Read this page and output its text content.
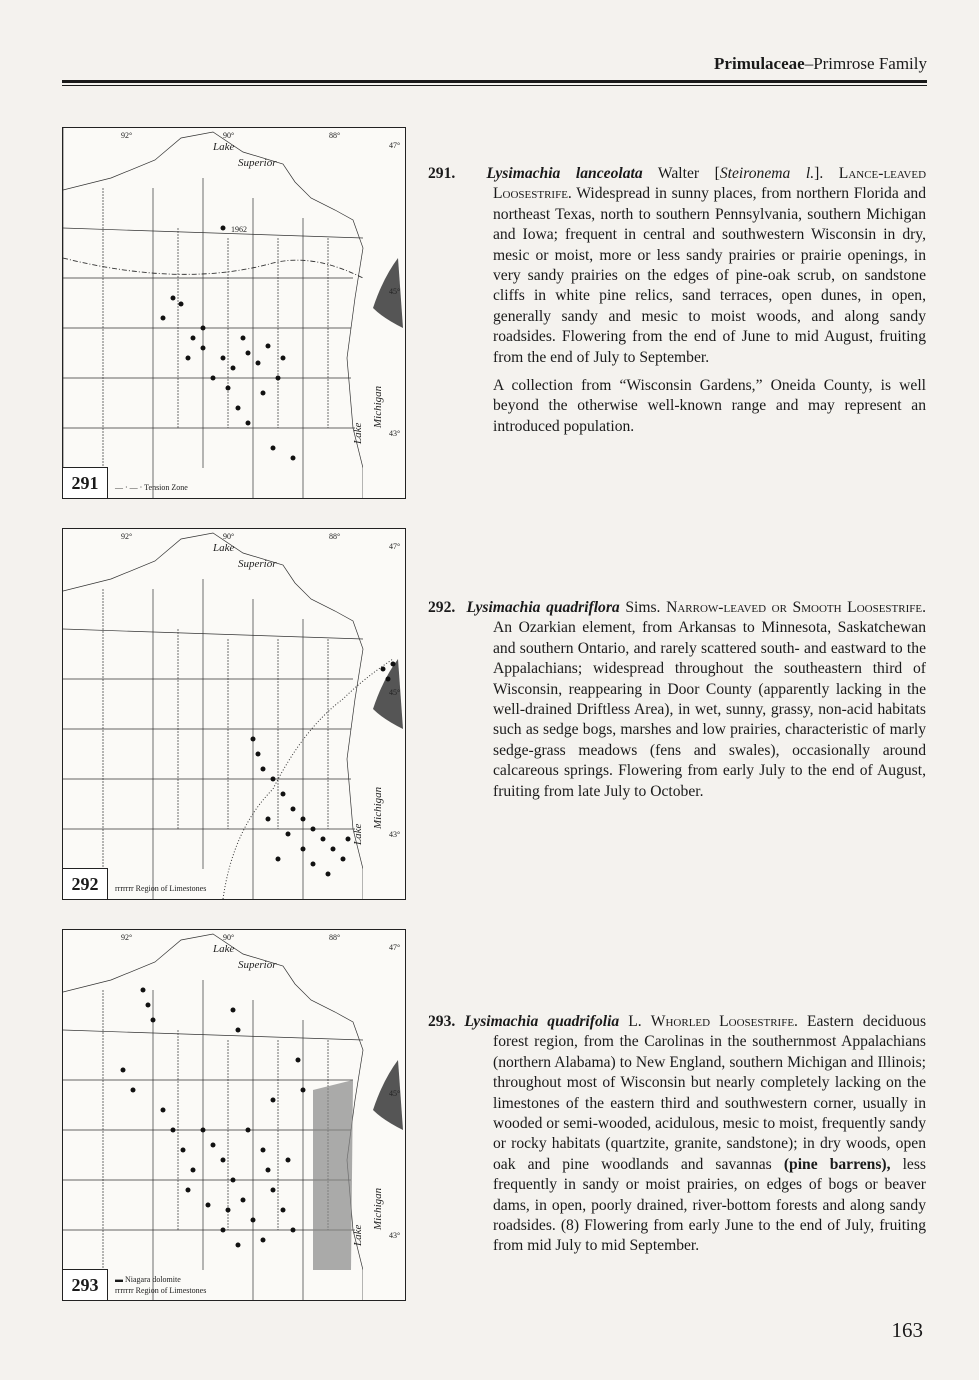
Primulaceae–Primrose Family
Lake
Superior
Lake
Michigan
92°	90°	88°
47°
45°
43°
1962
291	— · — · Tension Zone
Lake
Superior
Lake
Michigan
92°	90°	88°
47°
45°
43°
292	rrrrrrr Region of Limestones
Lake
Superior
Lake
Michigan
92°	90°	88°
47°
45°
43°
293	▬ Niagara dolomite
rrrrrrr Region of Limestones

291. Lysimachia lanceolata Walter [Steironema l.]. Lance-leaved Loosestrife. Widespread in sunny places, from northern Florida and northeast Texas, north to southern Pennsylvania, southern Michigan and Iowa; frequent in central and southwestern Wisconsin in dry, mesic or moist, more or less sandy prairies or prairie openings, in very sandy prairies on the edges of pine-oak scrub, on sandstone cliffs in white pine relics, sand terraces, open dunes, in open, generally sandy and mesic to moist woods, and along sandy roadsides. Flowering from the end of June to mid August, fruiting from the end of July to September.

A collection from “Wisconsin Gardens,” Oneida County, is well beyond the otherwise well-known range and may represent an introduced population.

292. Lysimachia quadriflora Sims. Narrow-leaved or Smooth Loosestrife. An Ozarkian element, from Arkansas to Minnesota, Saskatchewan and southern Ontario, and rarely scattered south- and eastward to the Appalachians; widespread throughout the southeastern third of Wisconsin, reappearing in Door County (apparently lacking in the well-drained Driftless Area), in wet, sunny, grassy, non-acid habitats such as sedge bogs, marshes and low prairies, characteristic of marly sedge-grass meadows (fens and swales), occasionally around calcareous springs. Flowering from early July to the end of August, fruiting from late July to October.

293. Lysimachia quadrifolia L. Whorled Loosestrife. Eastern deciduous forest region, from the Carolinas in the southernmost Appalachians (northern Alabama) to New England, southern Michigan and Illinois; throughout most of Wisconsin but nearly completely lacking on the limestones of the eastern third and southwestern corner, usually in wooded or semi-wooded, acidulous, mesic to moist, frequently sandy or rocky habitats (quartzite, granite, sandstone); in dry woods, open oak and pine woodlands and savannas (pine barrens), less frequently in sandy or moist prairies, on edges of bogs or beaver dams, in open, poorly drained, river-bottom forests and along sandy roadsides. (8) Flowering from early June to the end of July, fruiting from mid July to mid September.

163
